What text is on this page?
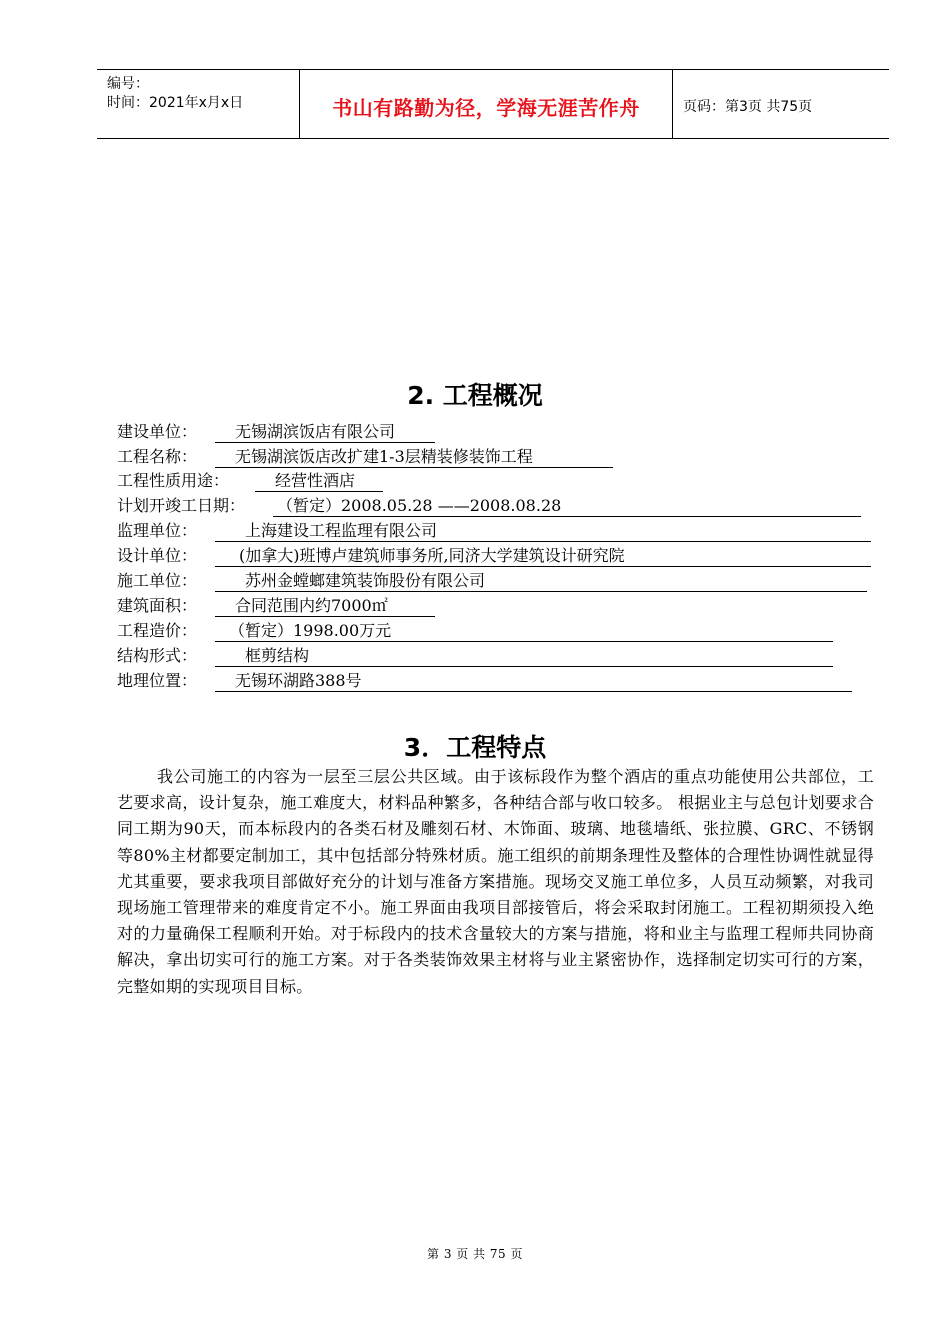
编号：
时间：2021年x月x日	书山有路勤为径，学海无涯苦作舟	页码：第3页 共75页
2. 工程概况
建设单位：	无锡湖滨饭店有限公司
工程名称：	无锡湖滨饭店改扩建1-3层精装修装饰工程
工程性质用途：	经营性酒店
计划开竣工日期： （暂定）2008.05.28 ——2008.08.28
监理单位：	上海建设工程监理有限公司
设计单位：	(加拿大)班博卢建筑师事务所,同济大学建筑设计研究院
施工单位：	苏州金螳螂建筑装饰股份有限公司
建筑面积：	合同范围内约7000㎡
工程造价：	（暂定）1998.00万元
结构形式：	框剪结构
地理位置：	无锡环湖路388号
3．工程特点
我公司施工的内容为一层至三层公共区域。由于该标段作为整个酒店的重点功能使用公共部位，工艺要求高，设计复杂，施工难度大，材料品种繁多，各种结合部与收口较多。 根据业主与总包计划要求合同工期为90天，而本标段内的各类石材及雕刻石材、木饰面、玻璃、地毯墙纸、张拉膜、GRC、不锈钢等80%主材都要定制加工，其中包括部分特殊材质。施工组织的前期条理性及整体的合理性协调性就显得尤其重要，要求我项目部做好充分的计划与准备方案措施。现场交叉施工单位多，人员互动频繁，对我司现场施工管理带来的难度肯定不小。施工界面由我项目部接管后，将会采取封闭施工。工程初期须投入绝对的力量确保工程顺利开始。对于标段内的技术含量较大的方案与措施，将和业主与监理工程师共同协商解决，拿出切实可行的施工方案。对于各类装饰效果主材将与业主紧密协作，选择制定切实可行的方案，完整如期的实现项目目标。
第 3 页 共 75 页
